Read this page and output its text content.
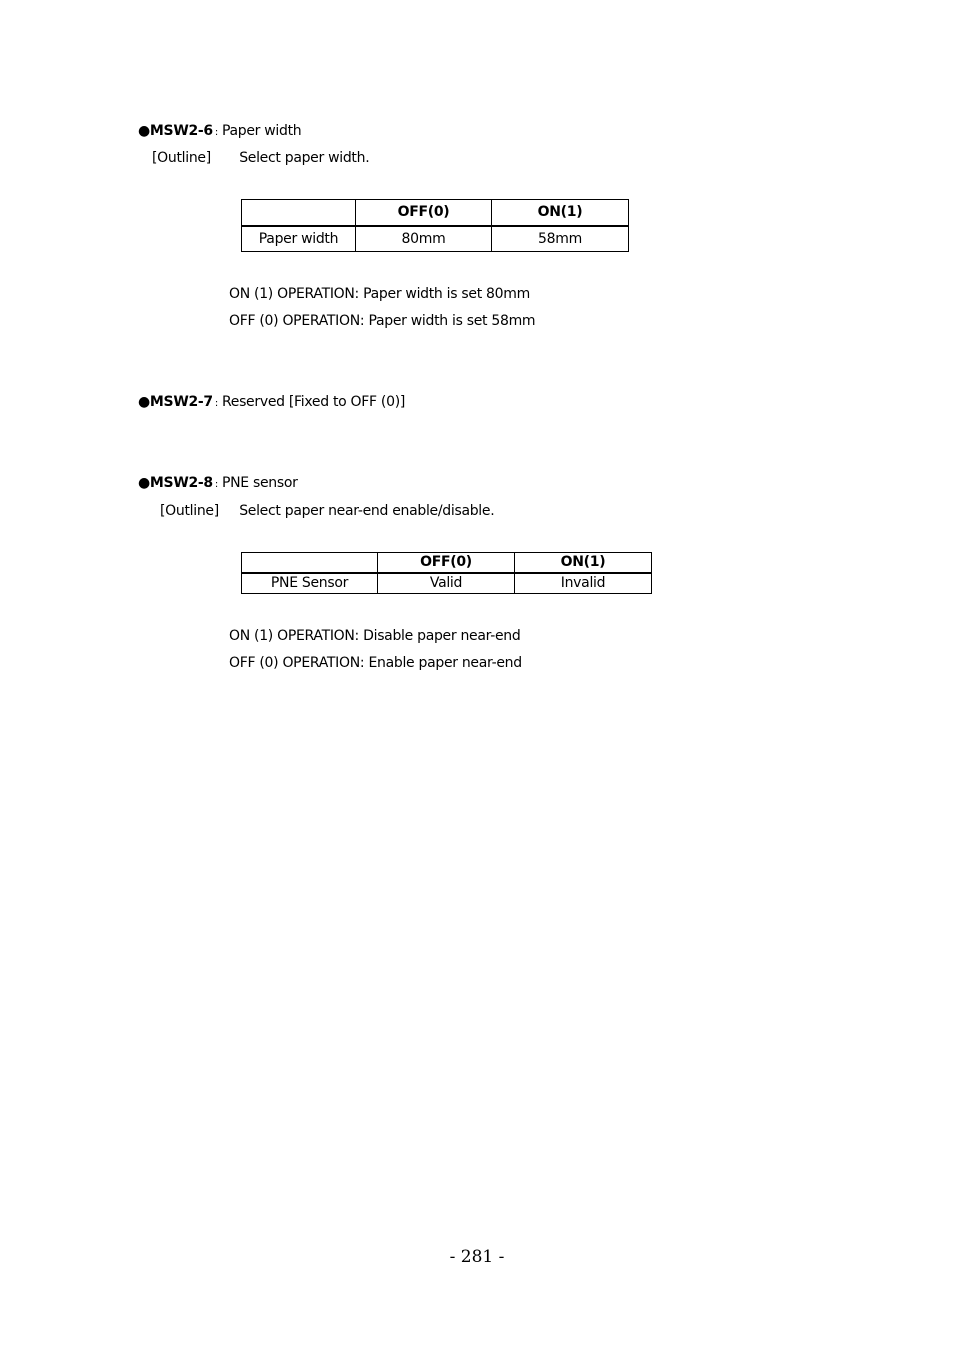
●MSW2-6 : Paper width
[Outline] Select paper width.
	OFF(0)	ON(1)
Paper width	80mm	58mm
ON (1) OPERATION: Paper width is set 80mm
OFF (0) OPERATION: Paper width is set 58mm
●MSW2-7 : Reserved [Fixed to OFF (0)]
●MSW2-8 : PNE sensor
[Outline] Select paper near-end enable/disable.
	OFF(0)	ON(1)
PNE Sensor	Valid	Invalid
ON (1) OPERATION: Disable paper near-end
OFF (0) OPERATION: Enable paper near-end
- 281 -
